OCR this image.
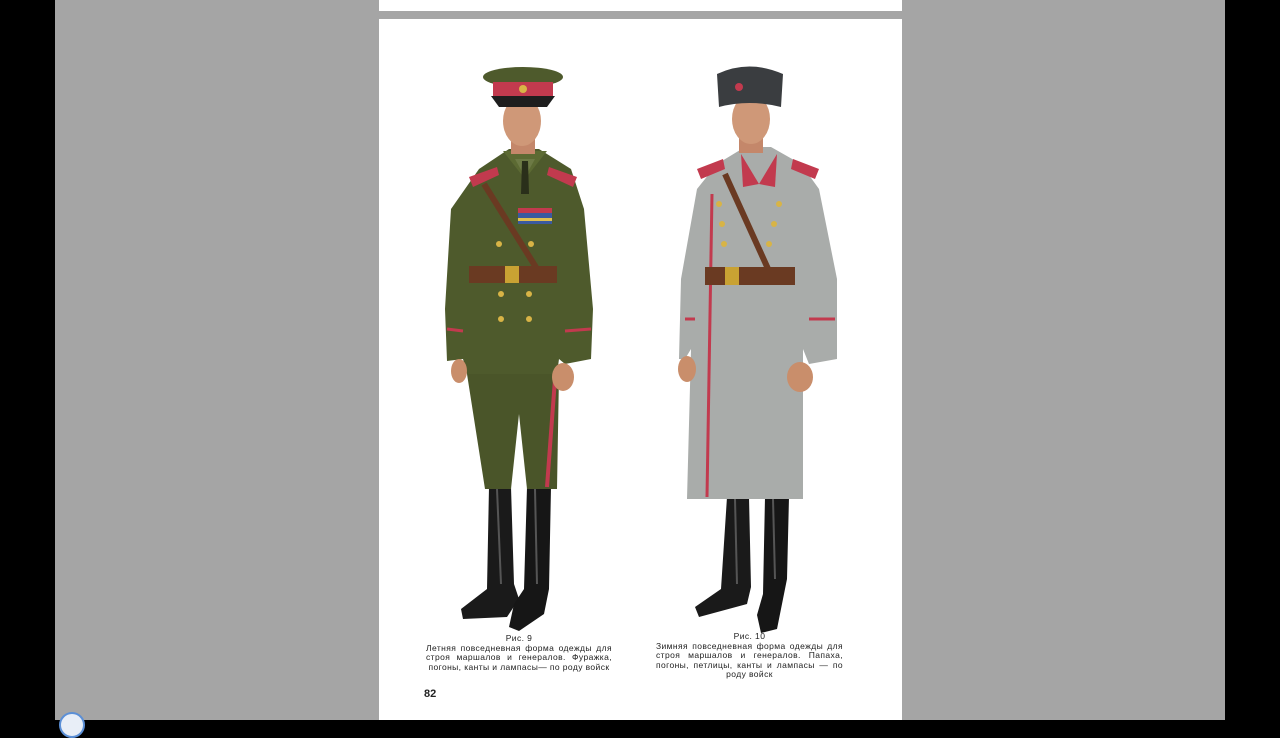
Рис. 9
Летняя повседневная форма одежды для строя маршалов и генералов. Фуражка, погоны, канты и лампасы— по роду войск
Рис. 10
Зимняя повседневная форма одежды для строя маршалов и генералов. Папаха, погоны, петлицы, канты и лампасы — по роду войск
82
